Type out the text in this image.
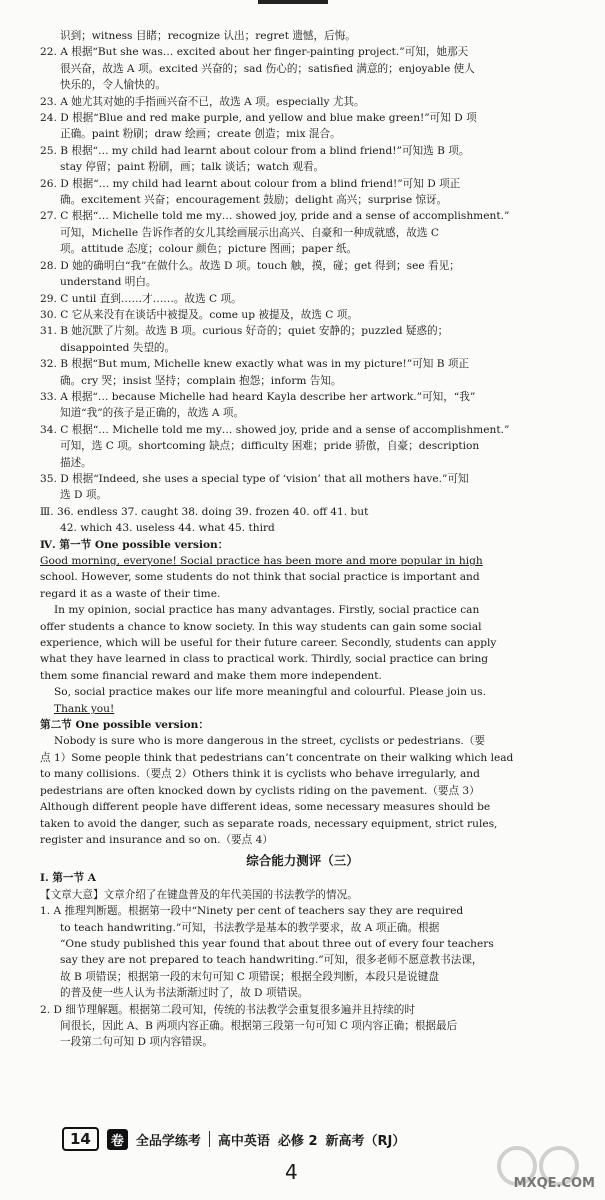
识到；witness 目睹；recognize 认出；regret 遗憾，后悔。
22. A 根据“But she was… excited about her finger-painting project.”可知，她那天
很兴奋，故选 A 项。excited 兴奋的；sad 伤心的；satisfied 满意的；enjoyable 使人
快乐的，令人愉快的。
23. A 她尤其对她的手指画兴奋不已，故选 A 项。especially 尤其。
24. D 根据“Blue and red make purple, and yellow and blue make green!”可知 D 项
正确。paint 粉刷；draw 绘画；create 创造；mix 混合。
25. B 根据“… my child had learnt about colour from a blind friend!”可知选 B 项。
stay 停留；paint 粉刷，画；talk 谈话；watch 观看。
26. D 根据“… my child had learnt about colour from a blind friend!”可知 D 项正
确。excitement 兴奋；encouragement 鼓励；delight 高兴；surprise 惊讶。
27. C 根据“… Michelle told me my… showed joy, pride and a sense of accomplishment.”
可知，Michelle 告诉作者的女儿其绘画展示出高兴、自豪和一种成就感，故选 C
项。attitude 态度；colour 颜色；picture 图画；paper 纸。
28. D 她的确明白“我”在做什么。故选 D 项。touch 触，摸，碰；get 得到；see 看见；
understand 明白。
29. C until 直到……才……。故选 C 项。
30. C 它从来没有在谈话中被提及。come up 被提及，故选 C 项。
31. B 她沉默了片刻。故选 B 项。curious 好奇的；quiet 安静的；puzzled 疑惑的；
disappointed 失望的。
32. B 根据“But mum, Michelle knew exactly what was in my picture!”可知 B 项正
确。cry 哭；insist 坚持；complain 抱怨；inform 告知。
33. A 根据“… because Michelle had heard Kayla describe her artwork.”可知，“我”
知道“我”的孩子是正确的，故选 A 项。
34. C 根据“… Michelle told me my… showed joy, pride and a sense of accomplishment.”
可知，选 C 项。shortcoming 缺点；difficulty 困难；pride 骄傲，自豪；description
描述。
35. D 根据“Indeed, she uses a special type of ‘vision’ that all mothers have.”可知
选 D 项。
Ⅲ. 36. endless 37. caught 38. doing 39. frozen 40. off 41. but
42. which 43. useless 44. what 45. third
Ⅳ. 第一节 One possible version：
Good morning, everyone! Social practice has been more and more popular in high
school. However, some students do not think that social practice is important and
regard it as a waste of their time.
In my opinion, social practice has many advantages. Firstly, social practice can
offer students a chance to know society. In this way students can gain some social
experience, which will be useful for their future career. Secondly, students can apply
what they have learned in class to practical work. Thirdly, social practice can bring
them some financial reward and make them more independent.
So, social practice makes our life more meaningful and colourful. Please join us.
Thank you!
第二节 One possible version：
Nobody is sure who is more dangerous in the street, cyclists or pedestrians.（要
点 1）Some people think that pedestrians can’t concentrate on their walking which lead
to many collisions.（要点 2）Others think it is cyclists who behave irregularly, and
pedestrians are often knocked down by cyclists riding on the pavement.（要点 3）
Although different people have different ideas, some necessary measures should be
taken to avoid the danger, such as separate roads, necessary equipment, strict rules,
register and insurance and so on.（要点 4）
综合能力测评（三）
Ⅰ. 第一节 A
【文章大意】文章介绍了在键盘普及的年代美国的书法教学的情况。
1. A 推理判断题。根据第一段中“Ninety per cent of teachers say they are required
to teach handwriting.”可知，书法教学是基本的教学要求，故 A 项正确。根据
“One study published this year found that about three out of every four teachers
say they are not prepared to teach handwriting.”可知，很多老师不愿意教书法课，
故 B 项错误；根据第一段的末句可知 C 项错误；根据全段判断，本段只是说键盘
的普及使一些人认为书法渐渐过时了，故 D 项错误。
2. D 细节理解题。根据第二段可知，传统的书法教学会重复很多遍并且持续的时
间很长，因此 A、B 两项内容正确。根据第三段第一句可知 C 项内容正确；根据最后
一段第二句可知 D 项内容错误。
14	卷 全品学练考 高中英语 必修 2 新高考（RJ）
4	MXQE.COM
